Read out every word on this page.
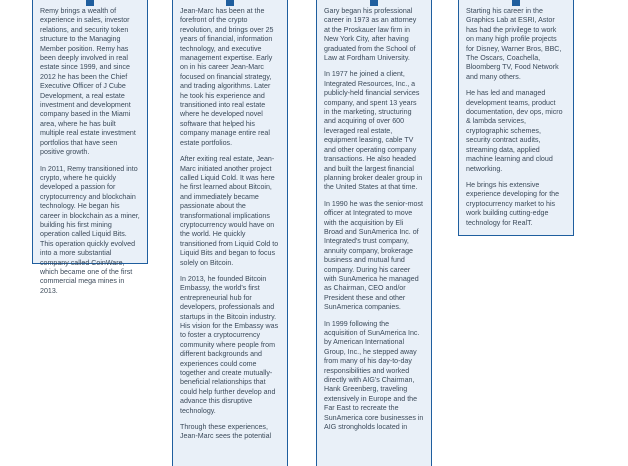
Remy brings a wealth of experience in sales, investor relations, and security token structure to the Managing Member position. Remy has been deeply involved in real estate since 1999, and since 2012 he has been the Chief Executive Officer of J Cube Development, a real estate investment and development company based in the Miami area, where he has built multiple real estate investment portfolios that have seen positive growth.

In 2011, Remy transitioned into crypto, where he quickly developed a passion for cryptocurrency and blockchain technology. He began his career in blockchain as a miner, building his first mining operation called Liquid Bits. This operation quickly evolved into a more substantial company called CoinWare, which became one of the first commercial mega mines in 2013.

Jean-Marc has been at the forefront of the crypto revolution, and brings over 25 years of financial, information technology, and executive management expertise. Early on in his career Jean-Marc focused on financial strategy, and trading algorithms. Later he took his experience and transitioned into real estate where he developed novel software that helped his company manage entire real estate portfolios.

After exiting real estate, Jean-Marc initiated another project called Liquid Cold. It was here he first learned about Bitcoin, and immediately became passionate about the transformational implications cryptocurrency would have on the world. He quickly transitioned from Liquid Cold to Liquid Bits and began to focus solely on Bitcoin.

In 2013, he founded Bitcoin Embassy, the world's first entrepreneurial hub for developers, professionals and startups in the Bitcoin industry. His vision for the Embassy was to foster a cryptocurrency community where people from different backgrounds and experiences could come together and create mutually-beneficial relationships that could help further develop and advance this disruptive technology.

Through these experiences, Jean-Marc sees the potential

Gary began his professional career in 1973 as an attorney at the Proskauer law firm in New York City, after having graduated from the School of Law at Fordham University.

In 1977 he joined a client, Integrated Resources, Inc., a publicly-held financial services company, and spent 13 years in the marketing, structuring and acquiring of over 600 leveraged real estate, equipment leasing, cable TV and other operating company transactions. He also headed and built the largest financial planning broker dealer group in the United States at that time.

In 1990 he was the senior-most officer at Integrated to move with the acquisition by Eli Broad and SunAmerica Inc. of Integrated's trust company, annuity company, brokerage business and mutual fund company. During his career with SunAmerica he managed as Chairman, CEO and/or President these and other SunAmerica companies.

In 1999 following the acquisition of SunAmerica Inc. by American International Group, Inc., he stepped away from many of his day-to-day responsibilities and worked directly with AIG's Chairman, Hank Greenberg, traveling extensively in Europe and the Far East to recreate the SunAmerica core businesses in AIG strongholds located in

Starting his career in the Graphics Lab at ESRI, Astor has had the privilege to work on many high profile projects for Disney, Warner Bros, BBC, The Oscars, Coachella, Bloomberg TV, Food Network and many others.

He has led and managed development teams, product documentation, dev ops, micro & lambda services, cryptographic schemes, security contract audits, streaming data, applied machine learning and cloud networking.

He brings his extensive experience developing for the cryptocurrency market to his work building cutting-edge technology for RealT.
